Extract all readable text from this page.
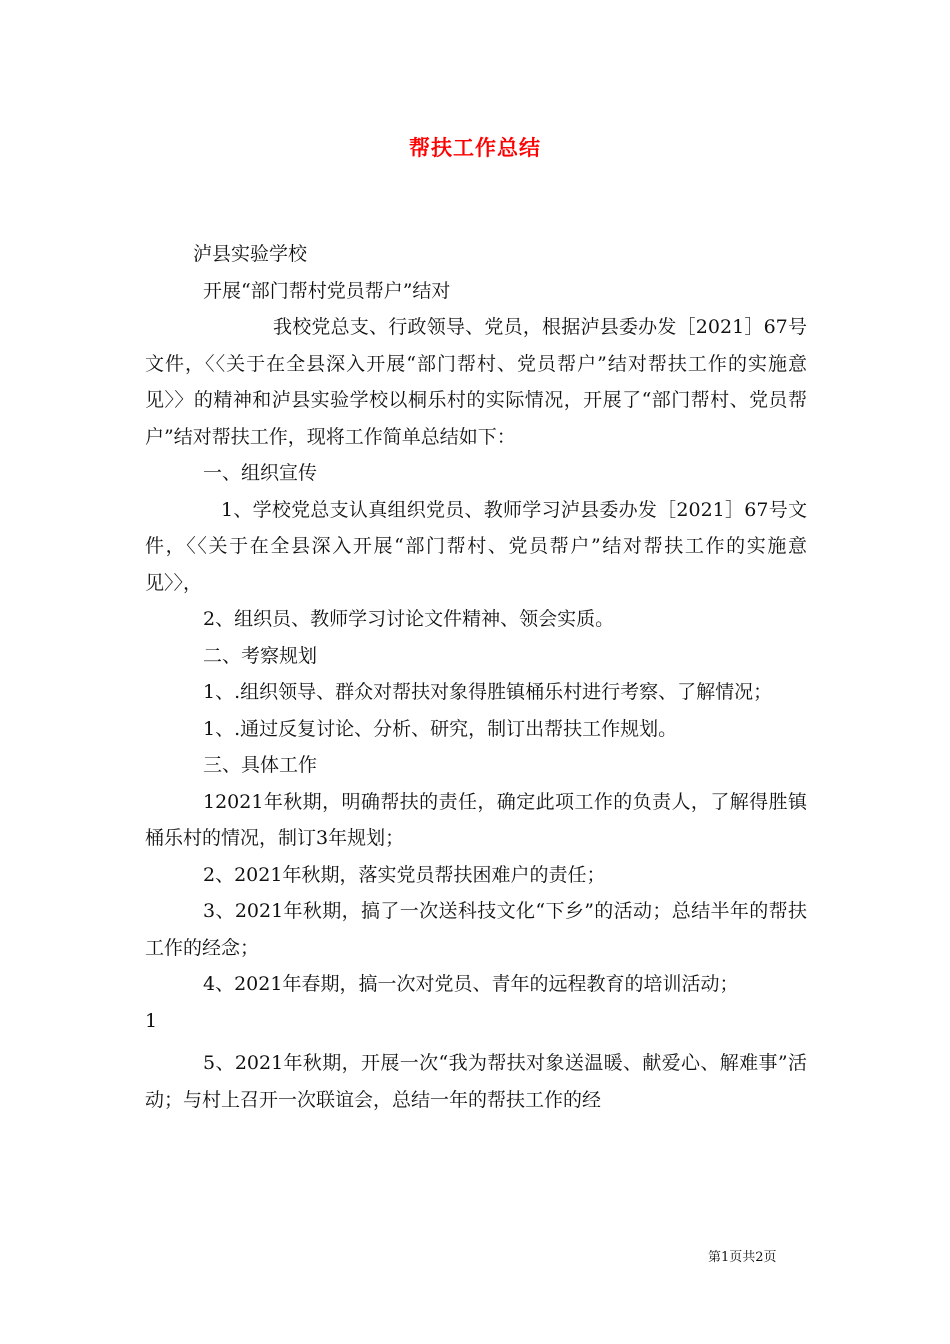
帮扶工作总结

泸县实验学校

开展“部门帮村党员帮户”结对

我校党总支、行政领导、党员，根据泸县委办发［2021］67号文件，〈〈关于在全县深入开展“部门帮村、党员帮户”结对帮扶工作的实施意见〉〉的精神和泸县实验学校以桐乐村的实际情况，开展了“部门帮村、党员帮户”结对帮扶工作，现将工作简单总结如下：

一、组织宣传

1、学校党总支认真组织党员、教师学习泸县委办发［2021］67号文件，〈〈关于在全县深入开展“部门帮村、党员帮户”结对帮扶工作的实施意见〉〉，

2、组织员、教师学习讨论文件精神、领会实质。

二、考察规划

1、.组织领导、群众对帮扶对象得胜镇桶乐村进行考察、了解情况；

1、.通过反复讨论、分析、研究，制订出帮扶工作规划。

三、具体工作

12021年秋期，明确帮扶的责任，确定此项工作的负责人，了解得胜镇桶乐村的情况，制订3年规划；

2、2021年秋期，落实党员帮扶困难户的责任；

3、2021年秋期，搞了一次送科技文化“下乡”的活动；总结半年的帮扶工作的经念；

4、2021年春期，搞一次对党员、青年的远程教育的培训活动；

1

5、2021年秋期，开展一次“我为帮扶对象送温暖、献爱心、解难事”活动；与村上召开一次联谊会，总结一年的帮扶工作的经

第1页共2页
